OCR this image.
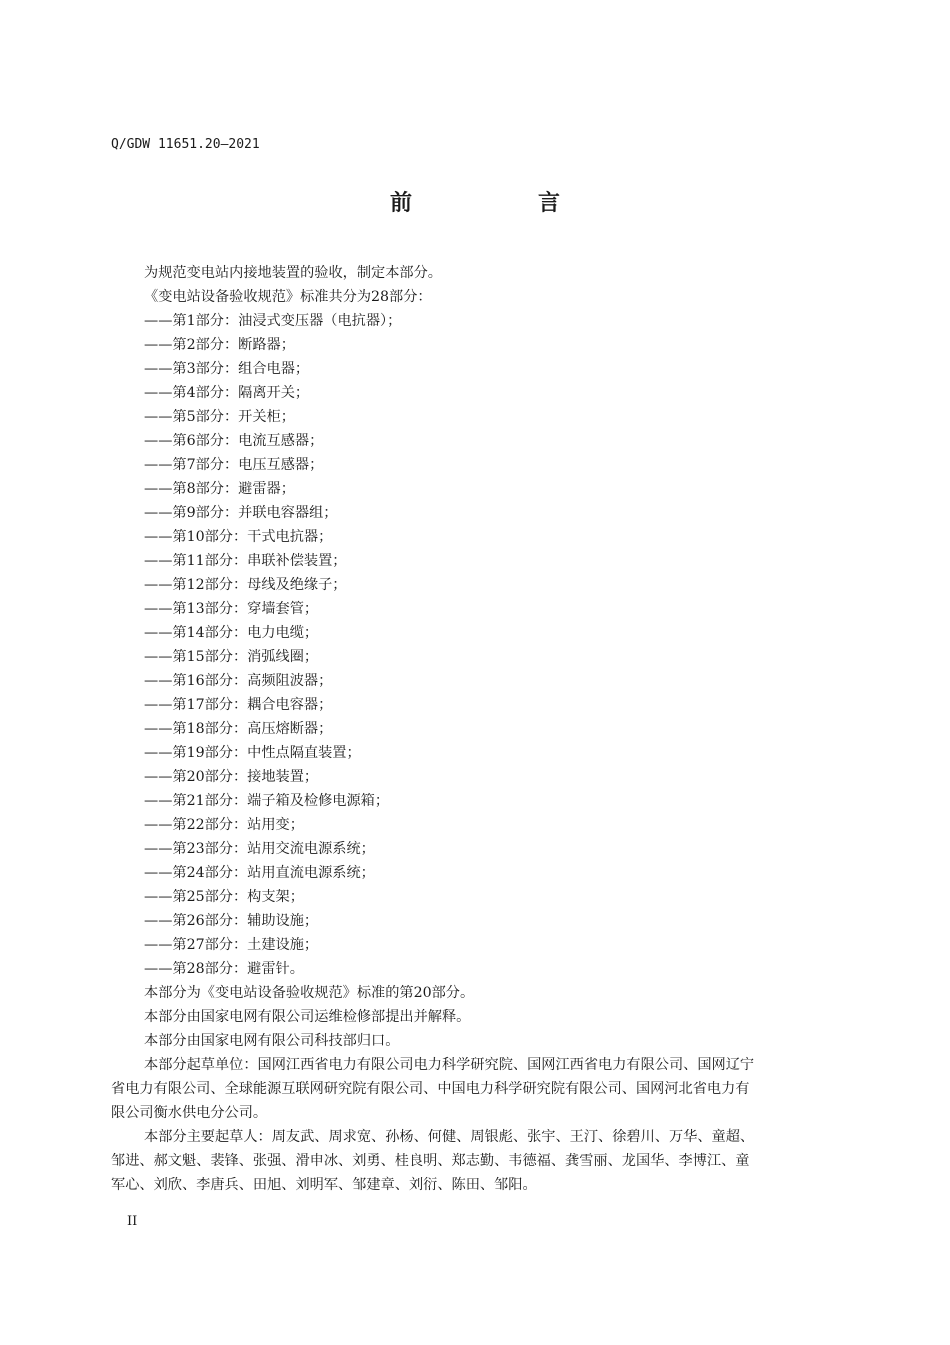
Q/GDW 11651.20—2021
前　言
为规范变电站内接地装置的验收，制定本部分。
《变电站设备验收规范》标准共分为28部分：
——第1部分：油浸式变压器（电抗器）；
——第2部分：断路器；
——第3部分：组合电器；
——第4部分：隔离开关；
——第5部分：开关柜；
——第6部分：电流互感器；
——第7部分：电压互感器；
——第8部分：避雷器；
——第9部分：并联电容器组；
——第10部分：干式电抗器；
——第11部分：串联补偿装置；
——第12部分：母线及绝缘子；
——第13部分：穿墙套管；
——第14部分：电力电缆；
——第15部分：消弧线圈；
——第16部分：高频阻波器；
——第17部分：耦合电容器；
——第18部分：高压熔断器；
——第19部分：中性点隔直装置；
——第20部分：接地装置；
——第21部分：端子箱及检修电源箱；
——第22部分：站用变；
——第23部分：站用交流电源系统；
——第24部分：站用直流电源系统；
——第25部分：构支架；
——第26部分：辅助设施；
——第27部分：土建设施；
——第28部分：避雷针。
本部分为《变电站设备验收规范》标准的第20部分。
本部分由国家电网有限公司运维检修部提出并解释。
本部分由国家电网有限公司科技部归口。
本部分起草单位：国网江西省电力有限公司电力科学研究院、国网江西省电力有限公司、国网辽宁
省电力有限公司、全球能源互联网研究院有限公司、中国电力科学研究院有限公司、国网河北省电力有
限公司衡水供电分公司。
本部分主要起草人：周友武、周求宽、孙杨、何健、周银彪、张宇、王汀、徐碧川、万华、童超、
邹进、郝文魁、裴锋、张强、滑申冰、刘勇、桂良明、郑志勤、韦德福、龚雪丽、龙国华、李博江、童
军心、刘欣、李唐兵、田旭、刘明军、邹建章、刘衍、陈田、邹阳。
II
